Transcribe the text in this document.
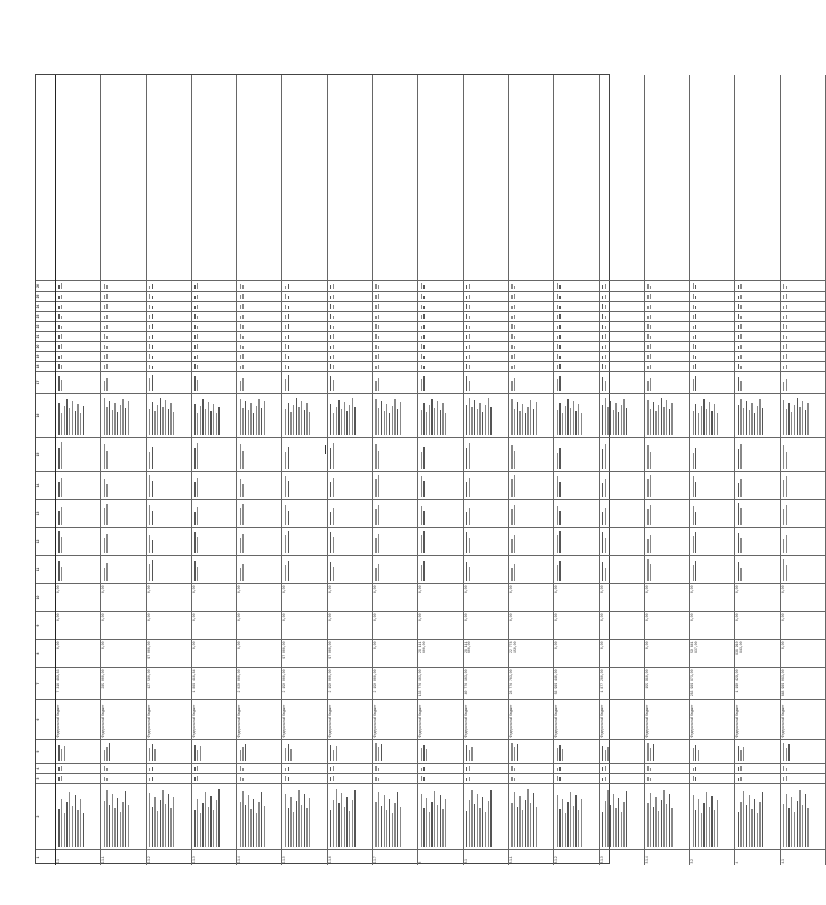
1
2
3
4
5
6
7
8
9
10
11
12
13
14
15
16
17
18
19
20
21
22
23
24
25
26
2.1
Федеральный бюджет
7 316 489,83
0,00
0,00
0,00
2.1.1
Федеральный бюджет
285 000,00
0,00
0,00
0,00
2.1.2
Федеральный бюджет
127 500,00
97 000,00
0,00
0,00
2.1.3
Федеральный бюджет
1 869 416,84
0,00
0,00
0,00
2.1.4
Федеральный бюджет
2 020 000,00
0,00
0,00
0,00
2.1.5
Федеральный бюджет
2 150 000,00
97 000,00
0,00
0,00
2.1.6
Федеральный бюджет
2 150 000,00
97 000,00
0,00
0,00
2.1.7
Федеральный бюджет
2 150 000,00
0,00
0,00
0,00
3
Федеральный бюджет
133 776 163,00
28 111 600,00
0,00
0,00
3.1
Федеральный бюджет
40 776 163,00
28 111 600,00
0,00
0,00
3.1.1
Федеральный бюджет
28 776 763,00
22 778 150,00
0,00
0,00
3.1.2
Федеральный бюджет
56 989 440,00
0,00
0,00
0,00
3.1.3
Федеральный бюджет
1 877 260,00
0,00
0,00
0,00
3.1.4
Федеральный бюджет
155 910,00
0,00
0,00
0,00
3.2
Федеральный бюджет
283 989 873,00
59 641 837,00
0,00
0,00
4
Федеральный бюджет
1 190 429,00
838 910 843,00
0,00
0,00
4.1
Федеральный бюджет
648 989 083,00
0,00
0,00
0,00
